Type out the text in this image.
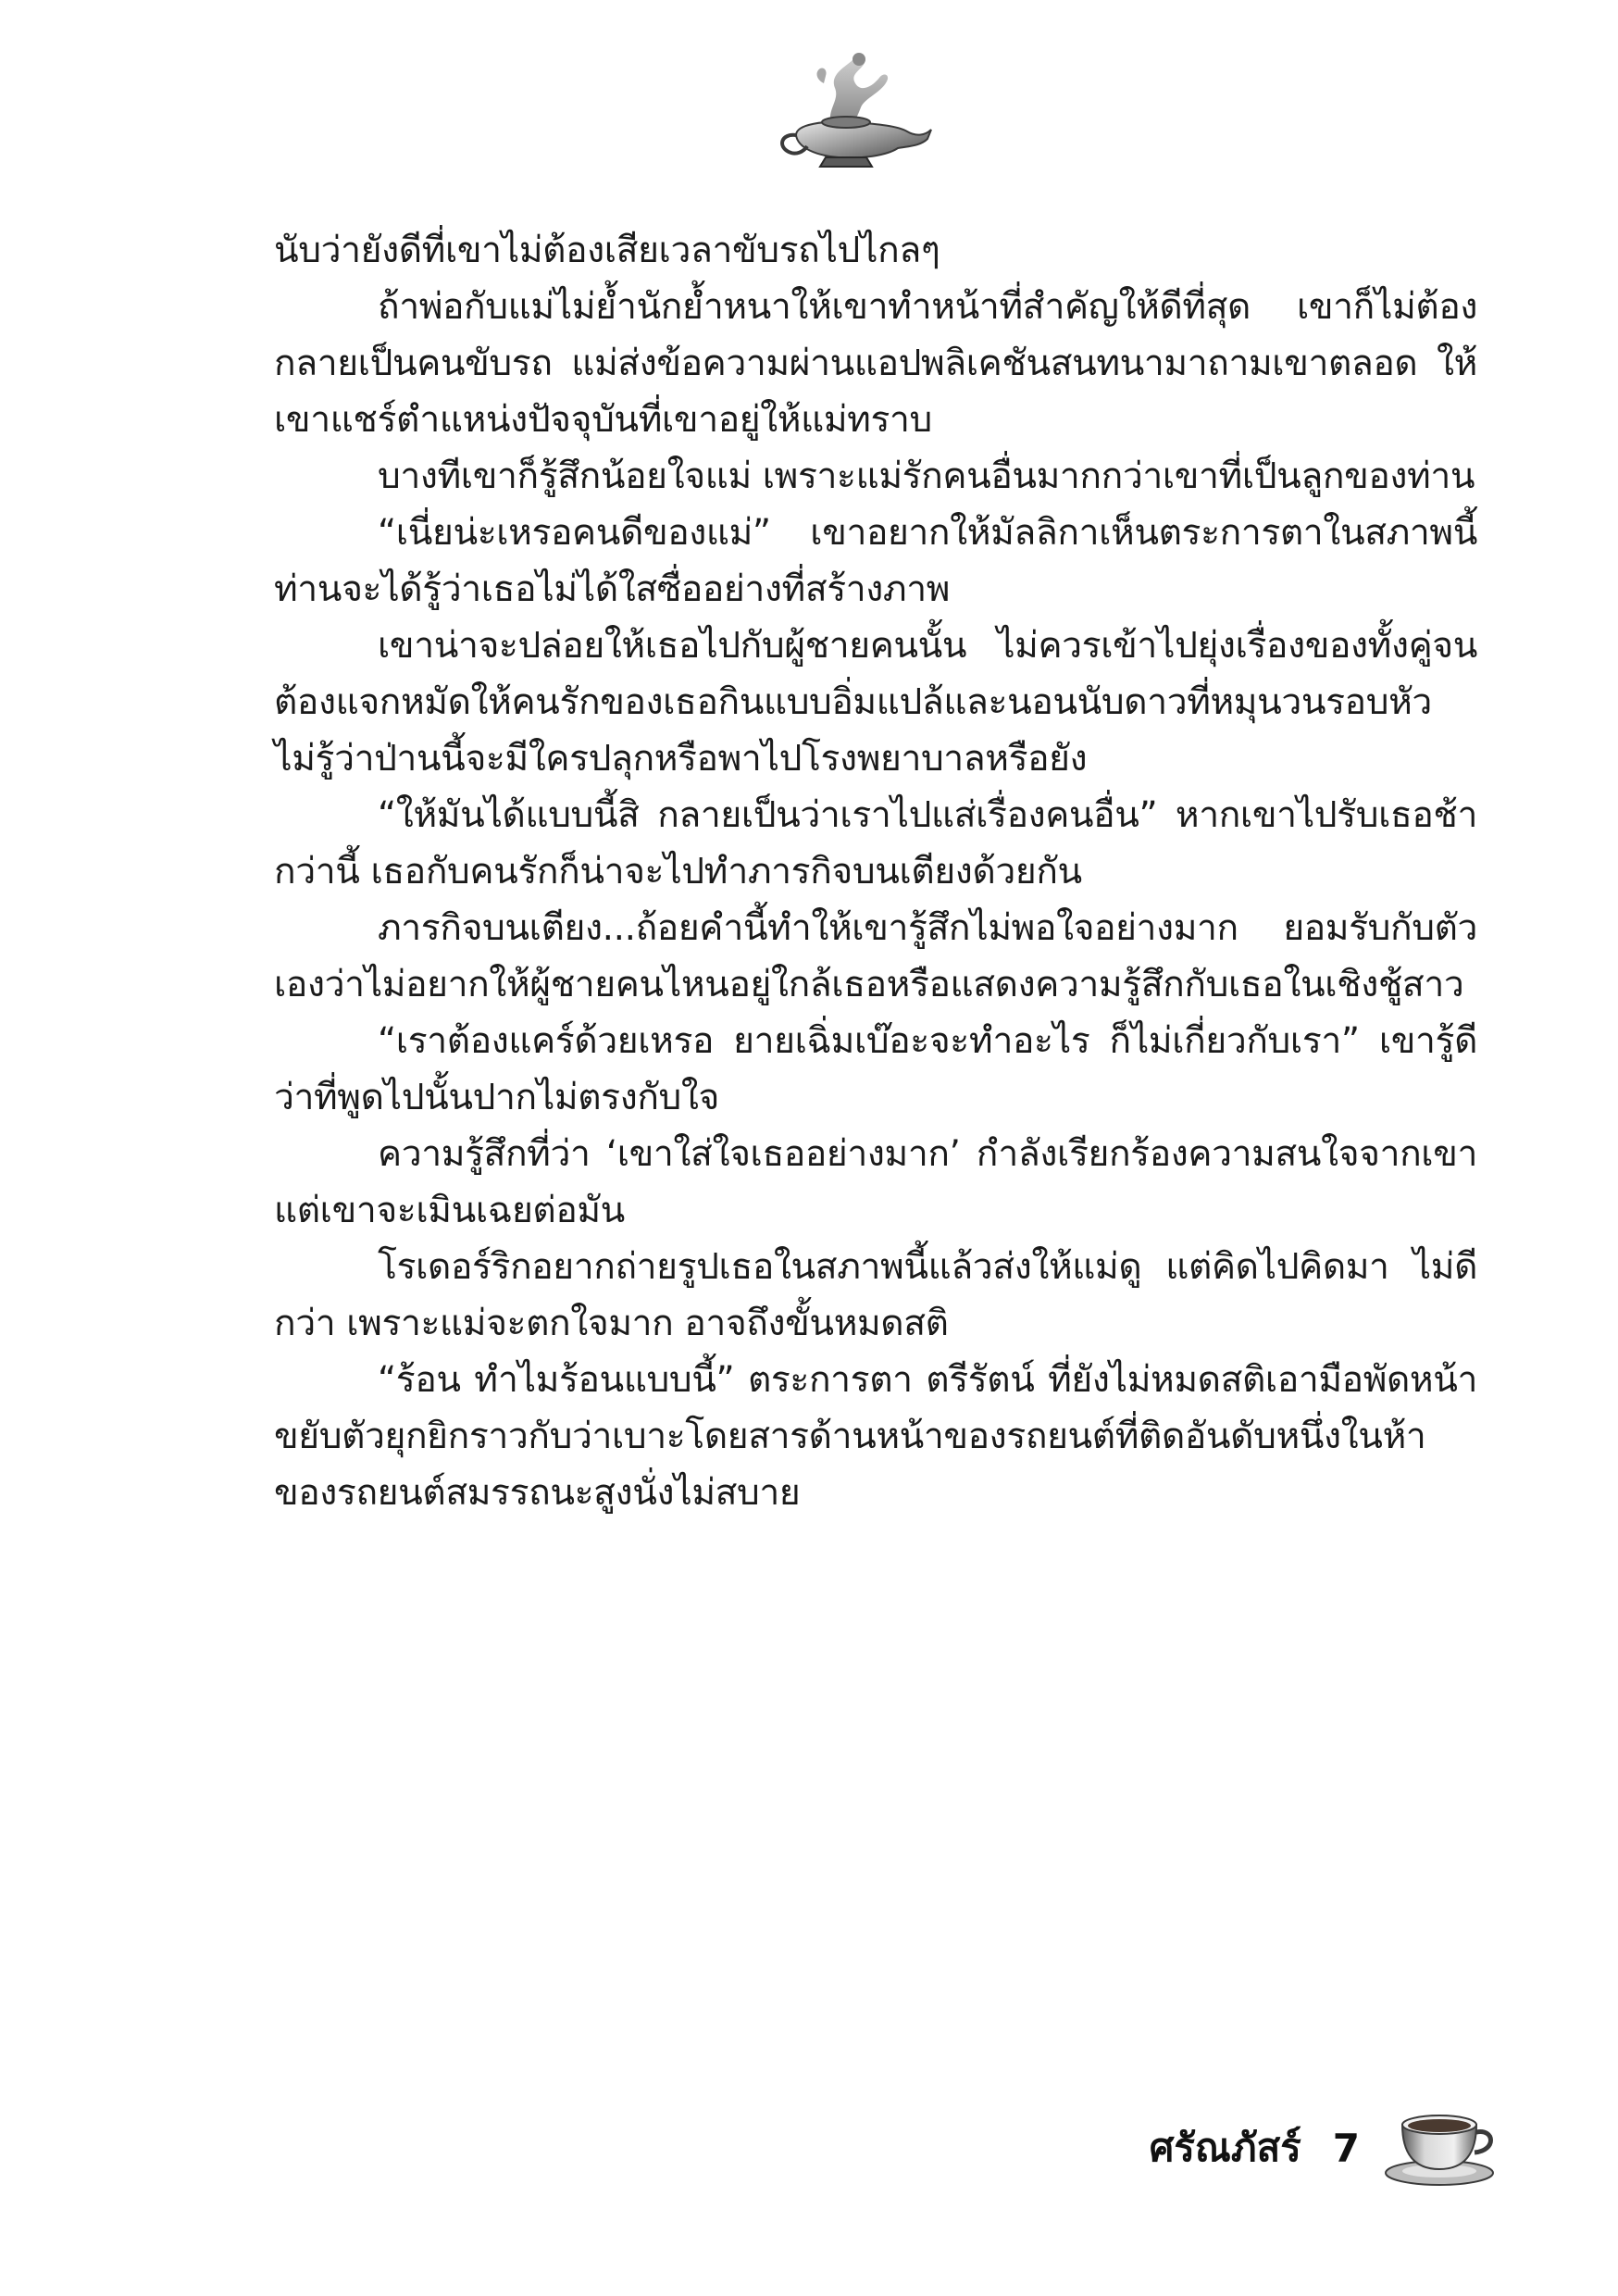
นับว่ายังดีที่เขาไม่ต้องเสียเวลาขับรถไปไกลๆ

ถ้าพ่อกับแม่ไม่ย้ำนักย้ำหนาให้เขาทำหน้าที่สำคัญให้ดีที่สุด เขาก็ไม่ต้องกลายเป็นคนขับรถ แม่ส่งข้อความผ่านแอปพลิเคชันสนทนามาถามเขาตลอด ให้เขาแชร์ตำแหน่งปัจจุบันที่เขาอยู่ให้แม่ทราบ

บางทีเขาก็รู้สึกน้อยใจแม่ เพราะแม่รักคนอื่นมากกว่าเขาที่เป็นลูกของท่าน

“เนี่ยน่ะเหรอคนดีของแม่” เขาอยากให้มัลลิกาเห็นตระการตาในสภาพนี้ ท่านจะได้รู้ว่าเธอไม่ได้ใสซื่ออย่างที่สร้างภาพ

เขาน่าจะปล่อยให้เธอไปกับผู้ชายคนนั้น ไม่ควรเข้าไปยุ่งเรื่องของทั้งคู่จนต้องแจกหมัดให้คนรักของเธอกินแบบอิ่มแปล้และนอนนับดาวที่หมุนวนรอบหัว ไม่รู้ว่าป่านนี้จะมีใครปลุกหรือพาไปโรงพยาบาลหรือยัง

“ให้มันได้แบบนี้สิ กลายเป็นว่าเราไปแส่เรื่องคนอื่น” หากเขาไปรับเธอช้ากว่านี้ เธอกับคนรักก็น่าจะไปทำภารกิจบนเตียงด้วยกัน

ภารกิจบนเตียง...ถ้อยคำนี้ทำให้เขารู้สึกไม่พอใจอย่างมาก ยอมรับกับตัวเองว่าไม่อยากให้ผู้ชายคนไหนอยู่ใกล้เธอหรือแสดงความรู้สึกกับเธอในเชิงชู้สาว

“เราต้องแคร์ด้วยเหรอ ยายเฉิ่มเบ๊อะจะทำอะไร ก็ไม่เกี่ยวกับเรา” เขารู้ดีว่าที่พูดไปนั้นปากไม่ตรงกับใจ

ความรู้สึกที่ว่า ‘เขาใส่ใจเธออย่างมาก’ กำลังเรียกร้องความสนใจจากเขา แต่เขาจะเมินเฉยต่อมัน

โรเดอร์ริกอยากถ่ายรูปเธอในสภาพนี้แล้วส่งให้แม่ดู แต่คิดไปคิดมา ไม่ดีกว่า เพราะแม่จะตกใจมาก อาจถึงขั้นหมดสติ

“ร้อน ทำไมร้อนแบบนี้” ตระการตา ตรีรัตน์ ที่ยังไม่หมดสติเอามือพัดหน้า ขยับตัวยุกยิกราวกับว่าเบาะโดยสารด้านหน้าของรถยนต์ที่ติดอันดับหนึ่งในห้าของรถยนต์สมรรถนะสูงนั่งไม่สบาย

ศรัณภัสร์ 7
